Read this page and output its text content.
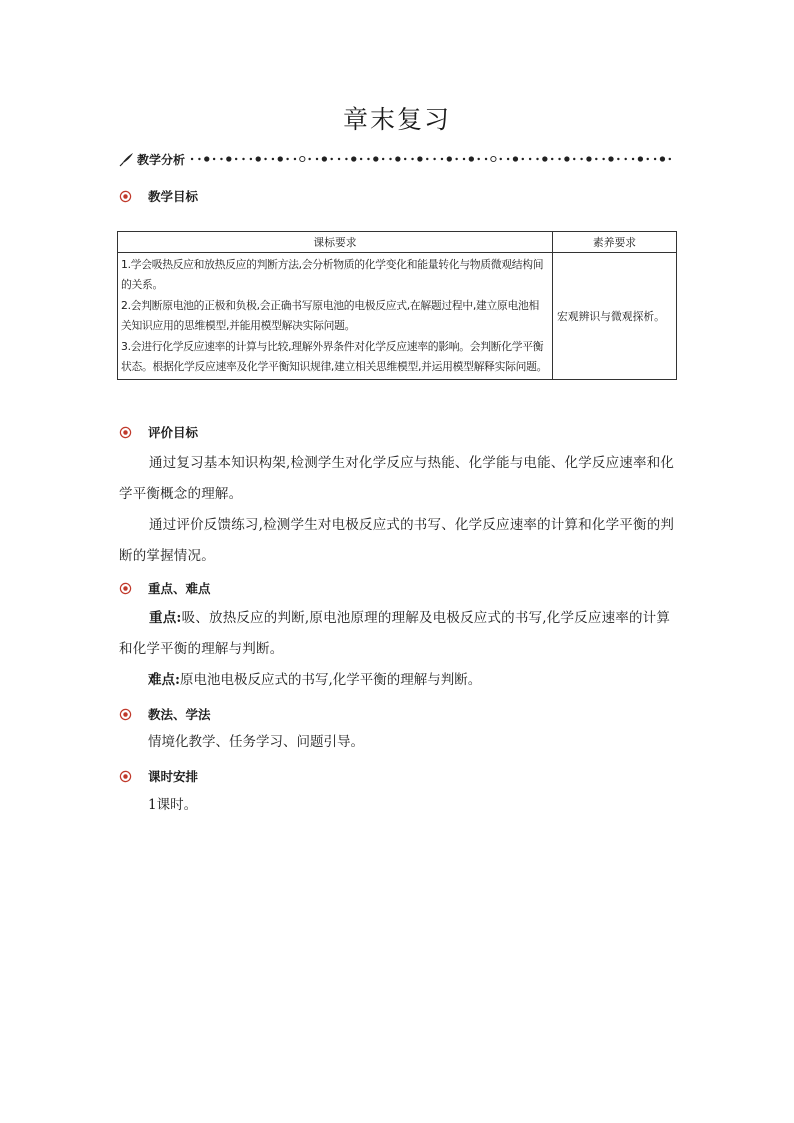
章末复习
教学分析
教学目标
课标要求	素养要求

1.学会吸热反应和放热反应的判断方法,会分析物质的化学变化和能量转化与物质微观结构间的关系。
2.会判断原电池的正极和负极,会正确书写原电池的电极反应式,在解题过程中,建立原电池相关知识应用的思维模型,并能用模型解决实际问题。
3.会进行化学反应速率的计算与比较,理解外界条件对化学反应速率的影响。会判断化学平衡状态。根据化学反应速率及化学平衡知识规律,建立相关思维模型,并运用模型解释实际问题。	宏观辨识与微观探析。
评价目标
通过复习基本知识构架,检测学生对化学反应与热能、化学能与电能、化学反应速率和化学平衡概念的理解。
通过评价反馈练习,检测学生对电极反应式的书写、化学反应速率的计算和化学平衡的判断的掌握情况。
重点、难点
重点:吸、放热反应的判断,原电池原理的理解及电极反应式的书写,化学反应速率的计算和化学平衡的理解与判断。
难点:原电池电极反应式的书写,化学平衡的理解与判断。
教法、学法
情境化教学、任务学习、问题引导。
课时安排
1课时。
